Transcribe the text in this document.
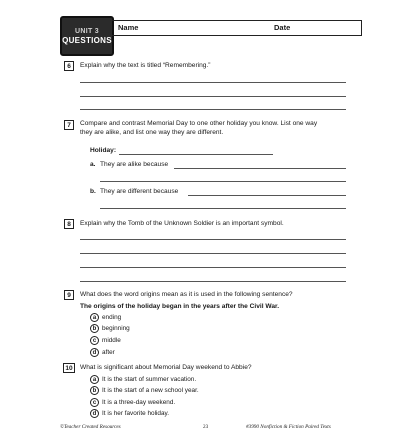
UNIT 3
QUESTIONS
Name	Date
6	Explain why the text is titled “Remembering.”
7	Compare and contrast Memorial Day to one other holiday you know. List one way
they are alike, and list one way they are different.
Holiday:
a. They are alike because
b. They are different because
8	Explain why the Tomb of the Unknown Soldier is an important symbol.
9	What does the word origins mean as it is used in the following sentence?
The origins of the holiday began in the years after the Civil War.
a ending
b beginning
c middle
d after
10	What is significant about Memorial Day weekend to Abbie?
a It is the start of summer vacation.
b It is the start of a new school year.
c It is a three-day weekend.
d It is her favorite holiday.
©Teacher Created Resources	23	#3990 Nonfiction & Fiction Paired Texts
